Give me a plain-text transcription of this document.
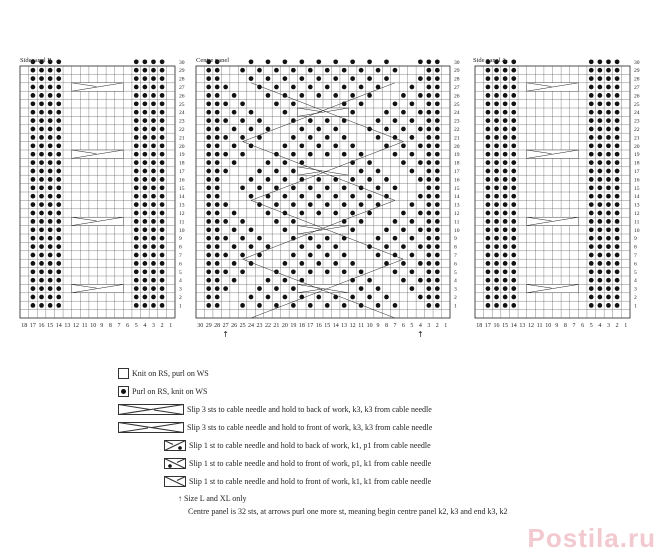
18 17 16 15 14 13 12 11 10 9 8 7 6 5 4 3 2 1
30
29
28
27
26
25
24
23
22
21
20
19
18
17
16
15
14
13
12
11
10
9
8
7
6
5
4
3
2
1
18 17 16 15 14 13 12 11 10 9 8 7 6 5 4 3 2 1
30
29
28
27
26
25
24
23
22
21
20
19
18
17
16
15
14
13
12
11
10
9
8
7
6
5
4
3
2
1
↑	↑
30 29 28 27 26 25 24 23 22 21 20 19 18 17 16 15 14 13 12 11 10 9 8 7 6 5 4 3 2 1
30
29
28
27
26
25
24
23
22
21
20
19
18
17
16
15
14
13
12
11
10
9
8
7
6
5
4
3
2
1
Sidepanel B	Centre panel	Side panel A
Knit on RS, purl on WS
Purl on RS, knit on WS
Slip 3 sts to cable needle and hold to back of work, k3, k3 from cable needle
Slip 3 sts to cable needle and hold to front of work, k3, k3 from cable needle
Slip 1 st to cable needle and hold to back of work, k1, p1 from cable needle
Slip 1 st to cable needle and hold to front of work, p1, k1 from cable needle
Slip 1 st to cable needle and hold to front of work, k1, k1 from cable needle
↑ Size L and XL only
Centre panel is 32 sts, at arrows purl one more st, meaning begin centre panel k2, k3 and end k3, k2
Postila.ru
